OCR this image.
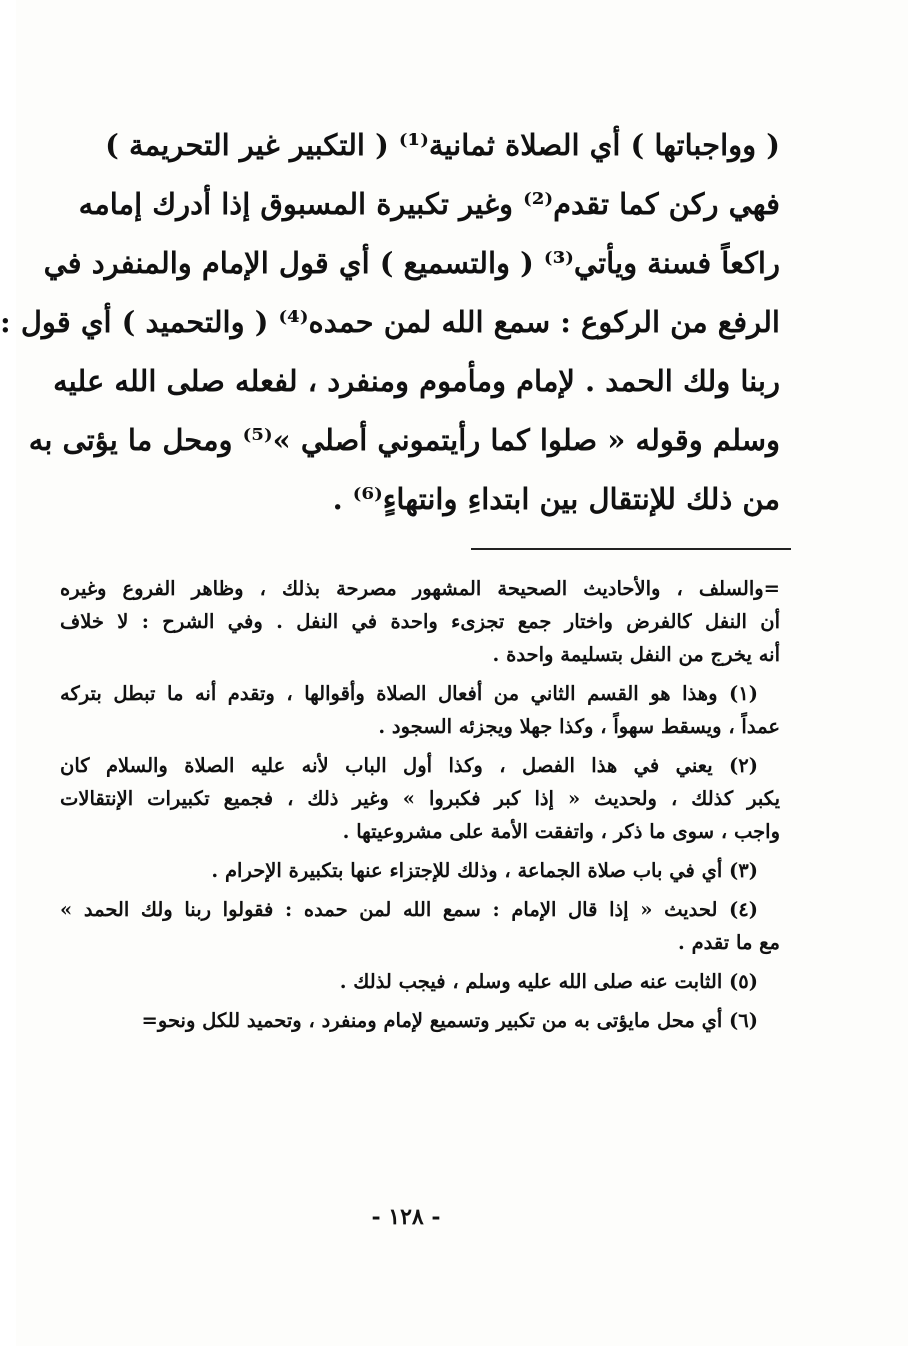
( وواجباتها ) أي الصلاة ثمانية⁽¹⁾ ( التكبير غير التحريمة )
فهي ركن كما تقدم⁽²⁾ وغير تكبيرة المسبوق إذا أدرك إمامه
راكعاً فسنة ويأتي⁽³⁾ ( والتسميع ) أي قول الإمام والمنفرد في
الرفع من الركوع : سمع الله لمن حمده⁽⁴⁾ ( والتحميد ) أي قول :
ربنا ولك الحمد . لإمام ومأموم ومنفرد ، لفعله صلى الله عليه
وسلم وقوله « صلوا كما رأيتموني أصلي »⁽⁵⁾ ومحل ما يؤتى به
من ذلك للإنتقال بين ابتداءِ وانتهاءٍ⁽⁶⁾ .
=والسلف ، والأحاديث الصحيحة المشهور مصرحة بذلك ، وظاهر الفروع وغيره
أن النفل كالفرض واختار جمع تجزىء واحدة في النفل . وفي الشرح : لا خلاف
أنه يخرج من النفل بتسليمة واحدة .
(١) وهذا هو القسم الثاني من أفعال الصلاة وأقوالها ، وتقدم أنه ما تبطل بتركه
عمداً ، ويسقط سهواً ، وكذا جهلا ويجزئه السجود .
(٢) يعني في هذا الفصل ، وكذا أول الباب لأنه عليه الصلاة والسلام كان
يكبر كذلك ، ولحديث « إذا كبر فكبروا » وغير ذلك ، فجميع تكبيرات الإنتقالات
واجب ، سوى ما ذكر ، واتفقت الأمة على مشروعيتها .
(٣) أي في باب صلاة الجماعة ، وذلك للإجتزاء عنها بتكبيرة الإحرام .
(٤) لحديث « إذا قال الإمام : سمع الله لمن حمده : فقولوا ربنا ولك الحمد »
مع ما تقدم .
(٥) الثابت عنه صلى الله عليه وسلم ، فيجب لذلك .
(٦) أي محل مايؤتى به من تكبير وتسميع لإمام ومنفرد ، وتحميد للكل ونحو=
- ١٢٨ -
